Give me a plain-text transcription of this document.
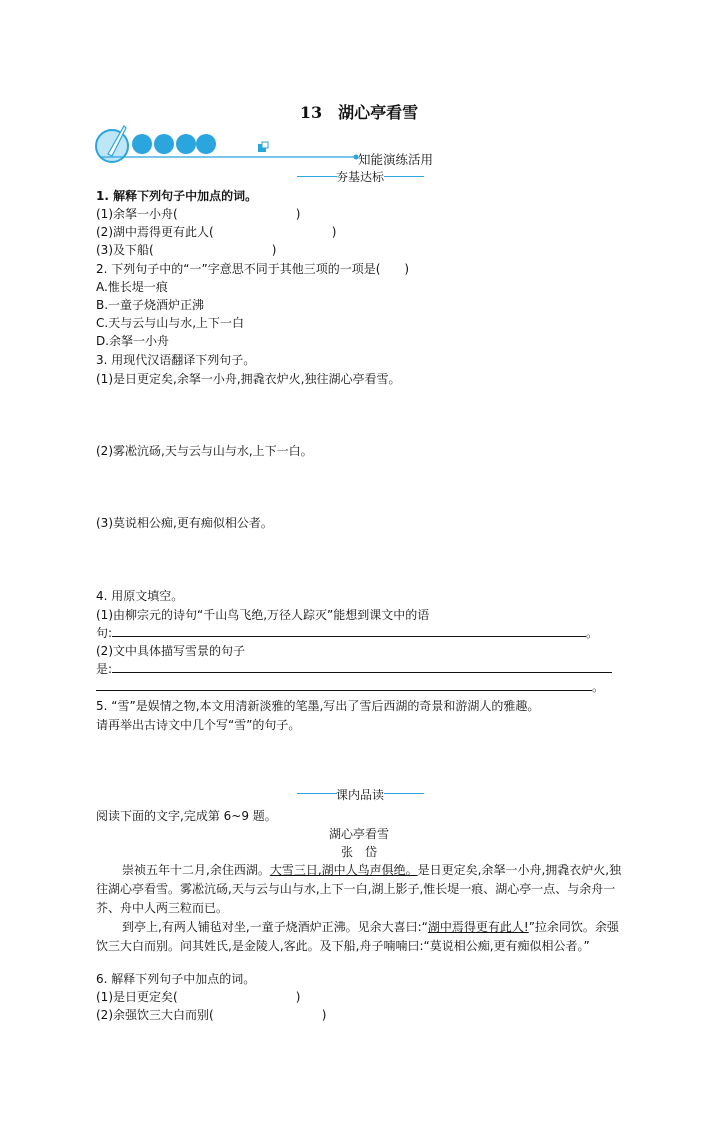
13　湖心亭看雪
知能演练活用
夯基达标
1. 解释下列句子中加点的词。
(1)余拏一小舟(	)
(2)湖中焉得更有此人(	)
(3)及下船(	)
2. 下列句子中的“一”字意思不同于其他三项的一项是(　　)
A.惟长堤一痕
B.一童子烧酒炉正沸
C.天与云与山与水,上下一白
D.余拏一小舟
3. 用现代汉语翻译下列句子。
(1)是日更定矣,余拏一小舟,拥毳衣炉火,独往湖心亭看雪。
(2)雾凇沆砀,天与云与山与水,上下一白。
(3)莫说相公痴,更有痴似相公者。
4. 用原文填空。
(1)由柳宗元的诗句“千山鸟飞绝,万径人踪灭”能想到课文中的语
句:	。
(2)文中具体描写雪景的句子
是:
。
5. “雪”是娱情之物,本文用清新淡雅的笔墨,写出了雪后西湖的奇景和游湖人的雅趣。
请再举出古诗文中几个写“雪”的句子。
课内品读
阅读下面的文字,完成第 6~9 题。
湖心亭看雪
张　岱
崇祯五年十二月,余住西湖。大雪三日,湖中人鸟声俱绝。是日更定矣,余拏一小舟,拥毳衣炉火,独往湖心亭看雪。雾凇沆砀,天与云与山与水,上下一白,湖上影子,惟长堤一痕、湖心亭一点、与余舟一芥、舟中人两三粒而已。
到亭上,有两人铺毡对坐,一童子烧酒炉正沸。见余大喜曰:“湖中焉得更有此人!”拉余同饮。余强饮三大白而别。问其姓氏,是金陵人,客此。及下船,舟子喃喃曰:“莫说相公痴,更有痴似相公者。”
6. 解释下列句子中加点的词。
(1)是日更定矣(	)
(2)余强饮三大白而别(	)
